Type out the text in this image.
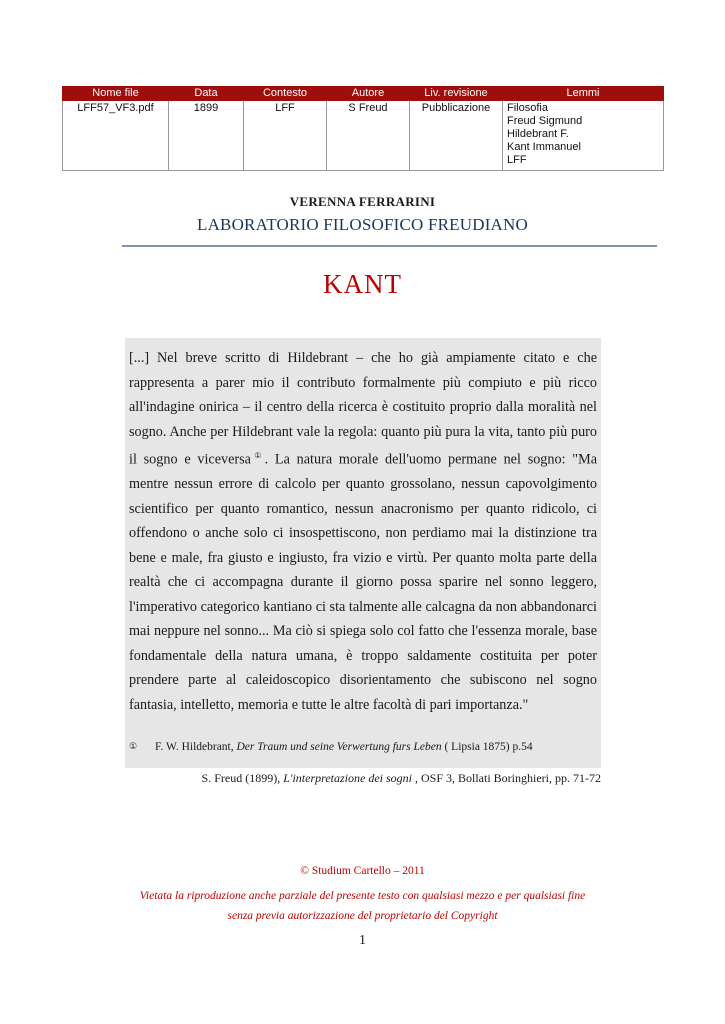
Nome file	Data	Contesto	Autore	Liv. revisione	Lemmi
LFF57_VF3.pdf	1899	LFF	S Freud	Pubblicazione	Filosofia
Freud Sigmund
Hildebrant F.
Kant Immanuel
LFF
VERENNA FERRARINI
LABORATORIO FILOSOFICO FREUDIANO
KANT
[...] Nel breve scritto di Hildebrant – che ho già ampiamente citato e che rappresenta a parer mio il contributo formalmente più compiuto e più ricco all'indagine onirica – il centro della ricerca è costituito proprio dalla moralità nel sogno. Anche per Hildebrant vale la regola: quanto più pura la vita, tanto più puro il sogno e viceversa①. La natura morale dell'uomo permane nel sogno: "Ma mentre nessun errore di calcolo per quanto grossolano, nessun capovolgimento scientifico per quanto romantico, nessun anacronismo per quanto ridicolo, ci offendono o anche solo ci insospettiscono, non perdiamo mai la distinzione tra bene e male, fra giusto e ingiusto, fra vizio e virtù. Per quanto molta parte della realtà che ci accompagna durante il giorno possa sparire nel sonno leggero, l'imperativo categorico kantiano ci sta talmente alle calcagna da non abbandonarci mai neppure nel sonno... Ma ciò si spiega solo col fatto che l'essenza morale, base fondamentale della natura umana, è troppo saldamente costituita per poter prendere parte al caleidoscopico disorientamento che subiscono nel sogno fantasia, intelletto, memoria e tutte le altre facoltà di pari importanza."
① F. W. Hildebrant, Der Traum und seine Verwertung furs Leben ( Lipsia 1875) p.54
S. Freud (1899), L'interpretazione dei sogni , OSF 3, Bollati Boringhieri, pp. 71-72
© Studium Cartello – 2011
Vietata la riproduzione anche parziale del presente testo con qualsiasi mezzo e per qualsiasi fine
senza previa autorizzazione del proprietario del Copyright
1
